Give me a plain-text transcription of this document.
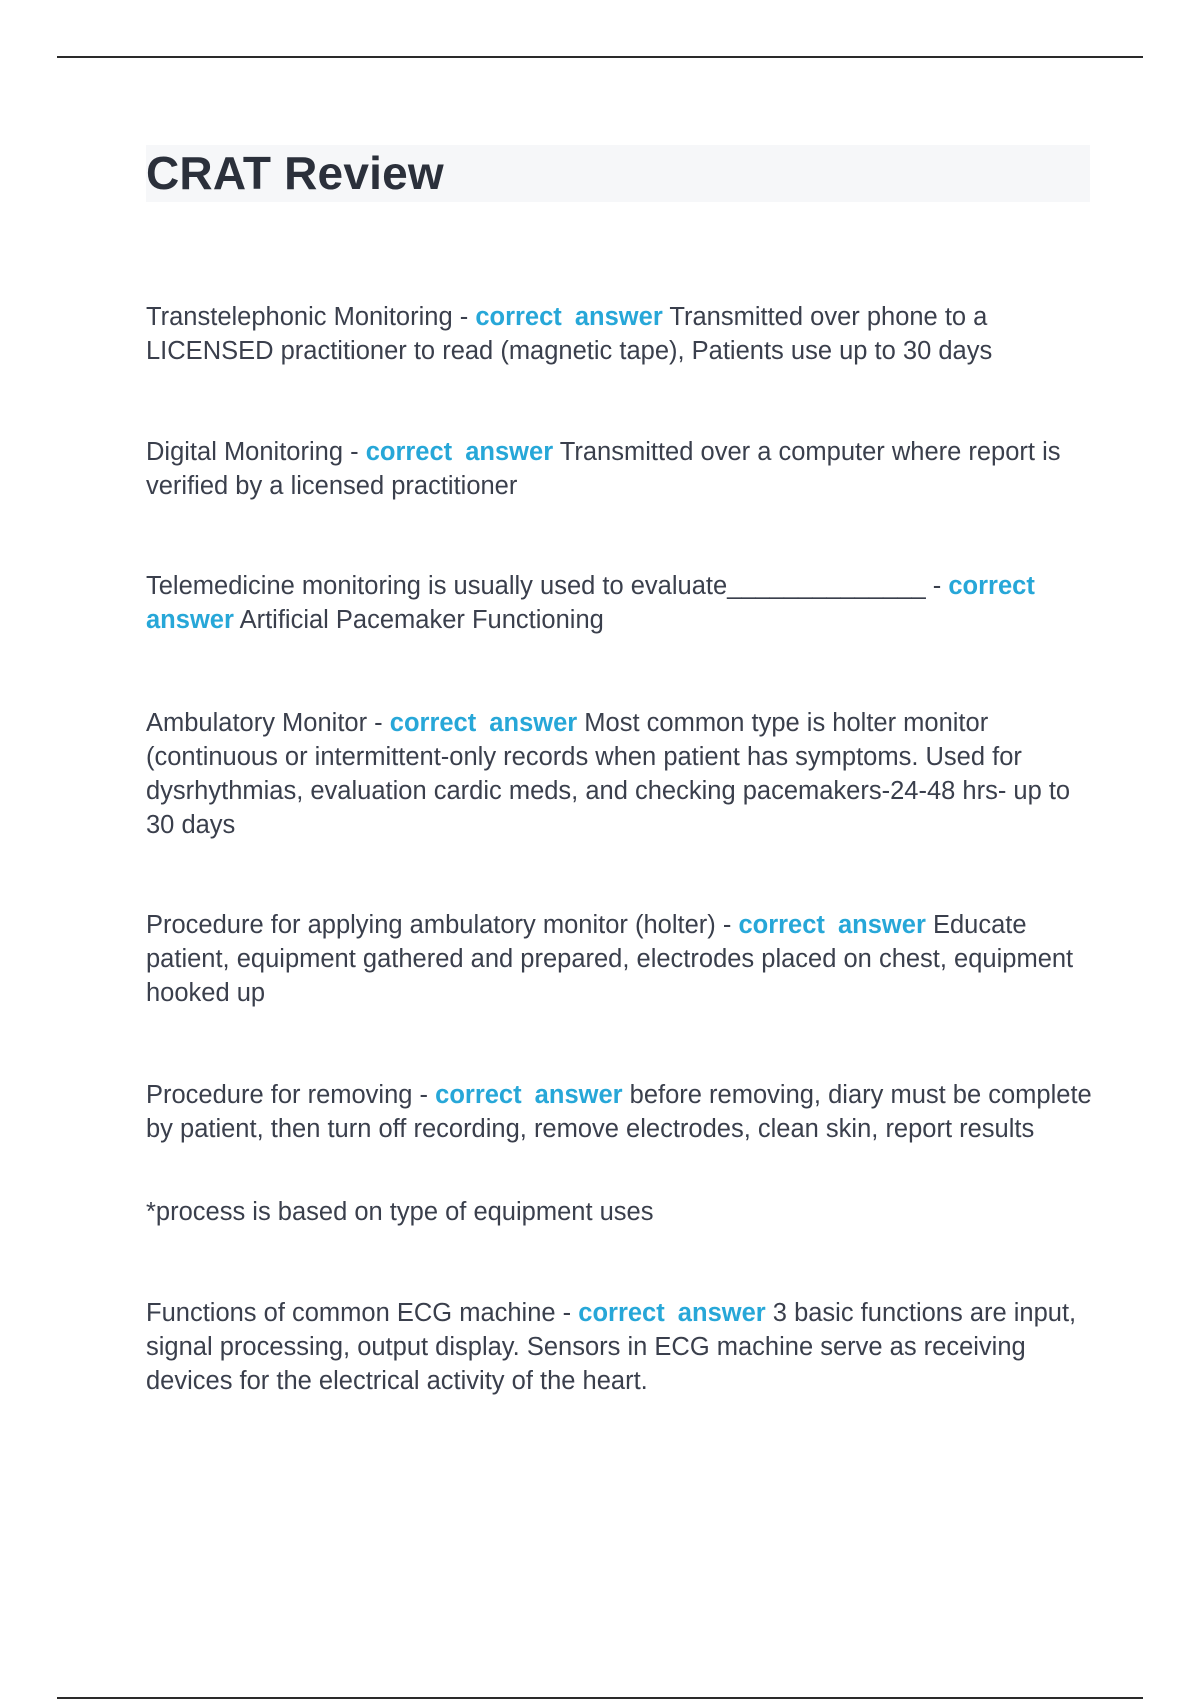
CRAT Review

Transtelephonic Monitoring - correct answer Transmitted over phone to a LICENSED practitioner to read (magnetic tape), Patients use up to 30 days

Digital Monitoring - correct answer Transmitted over a computer where report is verified by a licensed practitioner

Telemedicine monitoring is usually used to evaluate______________ - correct answer Artificial Pacemaker Functioning

Ambulatory Monitor - correct answer Most common type is holter monitor (continuous or intermittent-only records when patient has symptoms. Used for dysrhythmias, evaluation cardic meds, and checking pacemakers-24-48 hrs- up to 30 days

Procedure for applying ambulatory monitor (holter) - correct answer Educate patient, equipment gathered and prepared, electrodes placed on chest, equipment hooked up

Procedure for removing - correct answer before removing, diary must be complete by patient, then turn off recording, remove electrodes, clean skin, report results

*process is based on type of equipment uses

Functions of common ECG machine - correct answer 3 basic functions are input, signal processing, output display. Sensors in ECG machine serve as receiving devices for the electrical activity of the heart.
